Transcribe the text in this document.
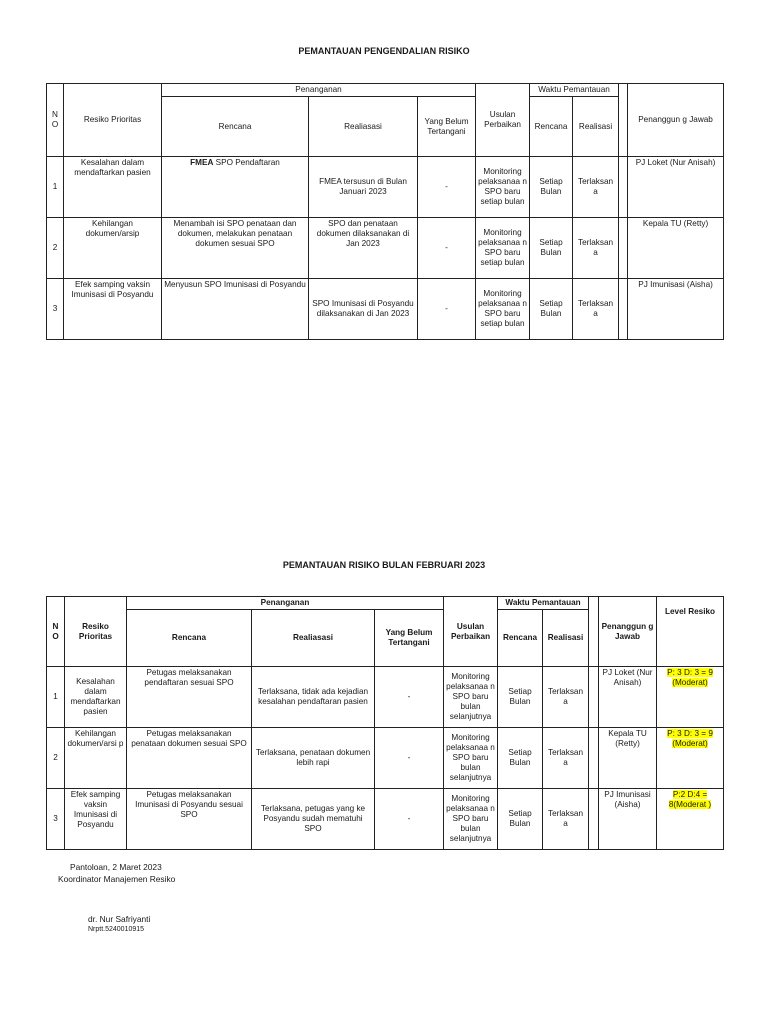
PEMANTAUAN PENGENDALIAN RISIKO
N O	Resiko Prioritas	Penanganan			Usulan Perbaikan	Waktu Pemantauan			Penanggun g Jawab
		Rencana	Realiasasi	Yang Belum Tertangani		Rencana	Realisasi		
1	Kesalahan dalam mendaftarkan pasien	FMEA SPO Pendaftaran	FMEA tersusun di Bulan Januari 2023	-	Monitoring pelaksanaa n SPO baru setiap bulan	Setiap Bulan	Terlaksan a		PJ Loket (Nur Anisah)
2	Kehilangan dokumen/arsip	Menambah isi SPO penataan dan dokumen, melakukan penataan dokumen sesuai SPO	SPO dan penataan dokumen dilaksanakan di Jan 2023	-	Monitoring pelaksanaa n SPO baru setiap bulan	Setiap Bulan	Terlaksan a		Kepala TU (Retty)
3	Efek samping vaksin Imunisasi di Posyandu	Menyusun SPO Imunisasi di Posyandu	SPO Imunisasi di Posyandu dilaksanakan di Jan 2023	-	Monitoring pelaksanaa n SPO baru setiap bulan	Setiap Bulan	Terlaksan a		PJ Imunisasi (Aisha)
PEMANTAUAN RISIKO BULAN FEBRUARI 2023
N O	Resiko Prioritas	Penanganan			Usulan Perbaikan	Waktu Pemantauan			Penanggun g Jawab	Level Resiko
		Rencana	Realiasasi	Yang Belum Tertangani		Rencana	Realisasi			
1	Kesalahan dalam mendaftarkan pasien	Petugas melaksanakan pendaftaran sesuai SPO	Terlaksana, tidak ada kejadian kesalahan pendaftaran pasien	-	Monitoring pelaksanaa n SPO baru bulan selanjutnya	Setiap Bulan	Terlaksan a		PJ Loket (Nur Anisah)	P: 3 D: 3 = 9 (Moderat)
2	Kehilangan dokumen/arsi p	Petugas melaksanakan penataan dokumen sesuai SPO	Terlaksana, penataan dokumen lebih rapi	-	Monitoring pelaksanaa n SPO baru bulan selanjutnya	Setiap Bulan	Terlaksan a		Kepala TU (Retty)	P: 3 D: 3 = 9 (Moderat)
3	Efek samping vaksin Imunisasi di Posyandu	Petugas melaksanakan Imunisasi di Posyandu sesuai SPO	Terlaksana, petugas yang ke Posyandu sudah mematuhi SPO	-	Monitoring pelaksanaa n SPO baru bulan selanjutnya	Setiap Bulan	Terlaksan a		PJ Imunisasi (Aisha)	P:2 D:4 = 8(Moderat )
Pantoloan, 2 Maret 2023
Koordinator Manajemen Resiko
dr. Nur Safriyanti
Nrptt.5240010915
